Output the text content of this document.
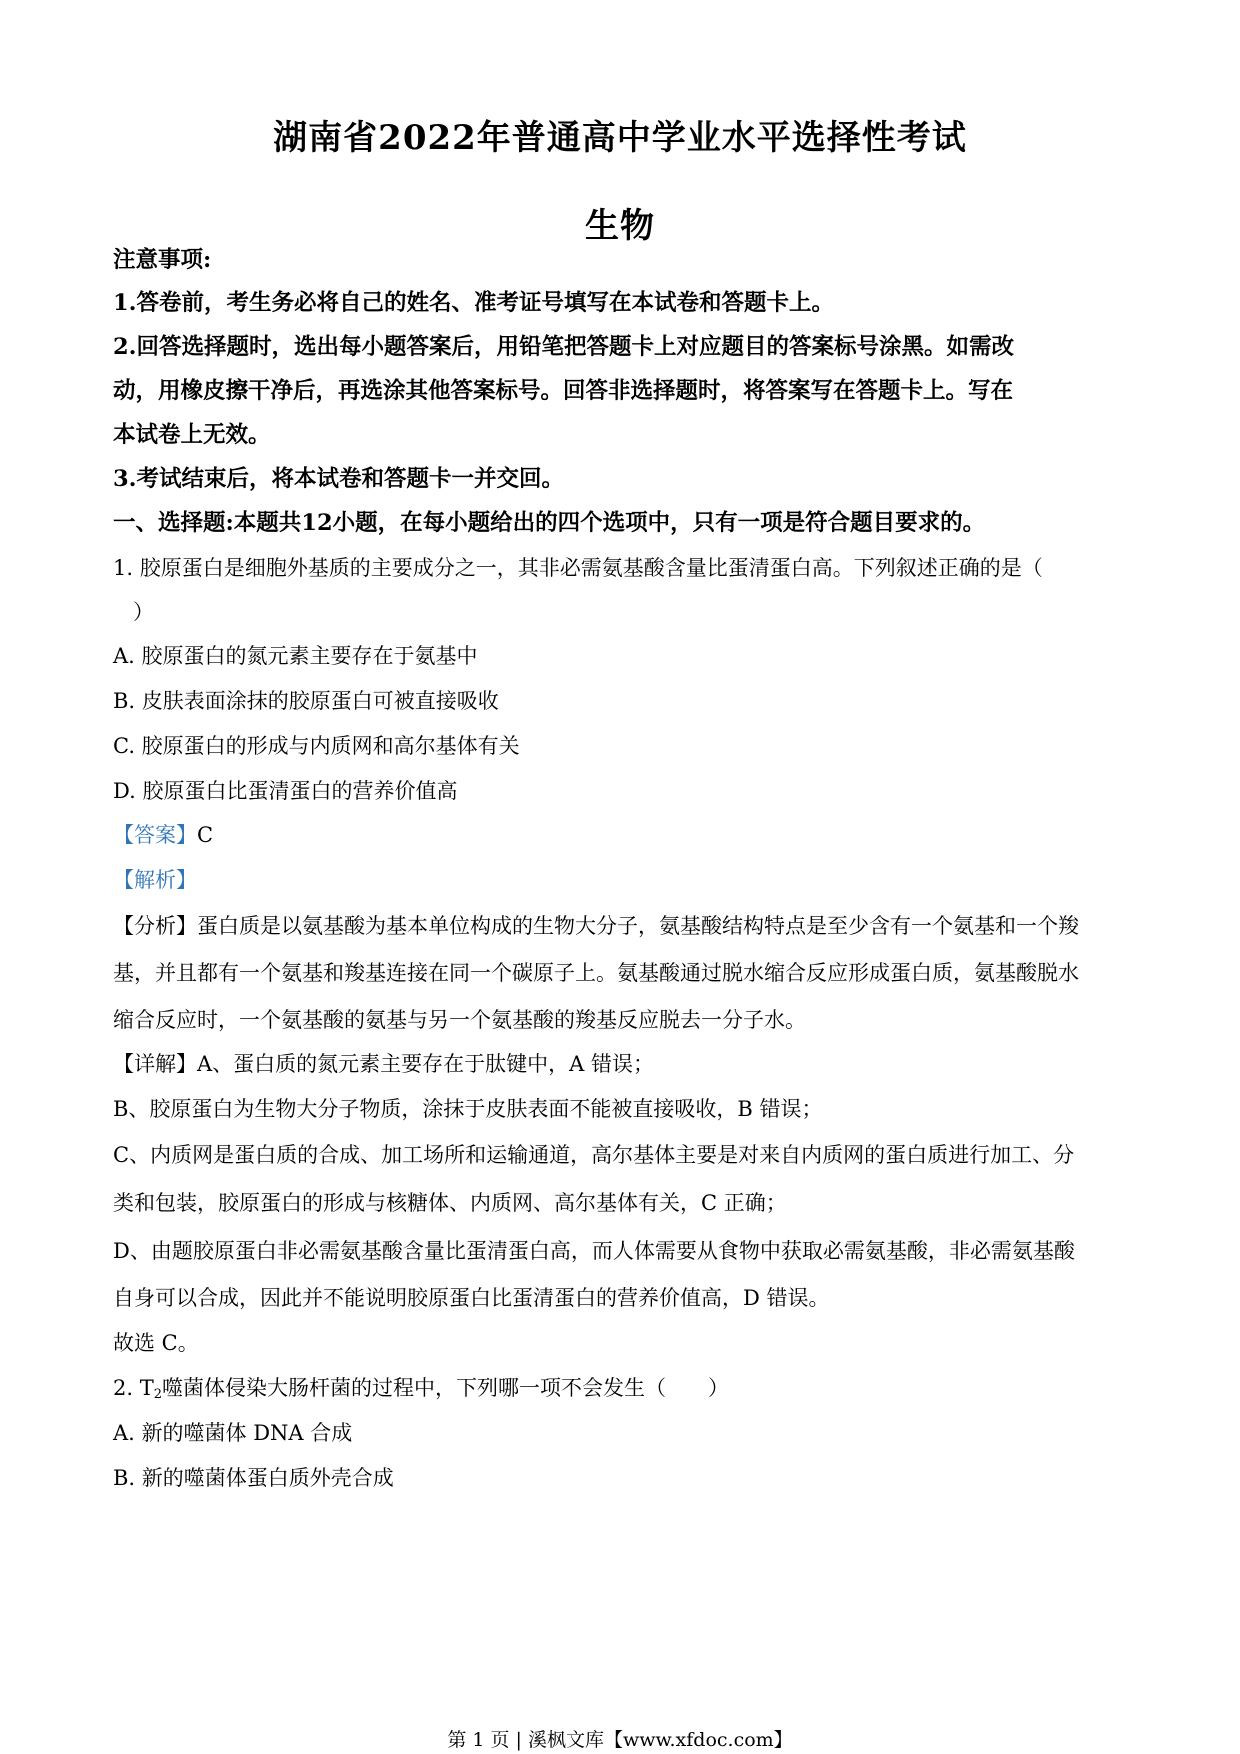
湖南省2022年普通高中学业水平选择性考试
生物
注意事项:
1.答卷前，考生务必将自己的姓名、准考证号填写在本试卷和答题卡上。
2.回答选择题时，选出每小题答案后，用铅笔把答题卡上对应题目的答案标号涂黑。如需改
动，用橡皮擦干净后，再选涂其他答案标号。回答非选择题时，将答案写在答题卡上。写在
本试卷上无效。
3.考试结束后，将本试卷和答题卡一并交回。
一、选择题:本题共12小题，在每小题给出的四个选项中，只有一项是符合题目要求的。
1. 胶原蛋白是细胞外基质的主要成分之一，其非必需氨基酸含量比蛋清蛋白高。下列叙述正确的是（
）
A. 胶原蛋白的氮元素主要存在于氨基中
B. 皮肤表面涂抹的胶原蛋白可被直接吸收
C. 胶原蛋白的形成与内质网和高尔基体有关
D. 胶原蛋白比蛋清蛋白的营养价值高
【答案】C
【解析】
【分析】蛋白质是以氨基酸为基本单位构成的生物大分子，氨基酸结构特点是至少含有一个氨基和一个羧
基，并且都有一个氨基和羧基连接在同一个碳原子上。氨基酸通过脱水缩合反应形成蛋白质，氨基酸脱水
缩合反应时，一个氨基酸的氨基与另一个氨基酸的羧基反应脱去一分子水。
【详解】A、蛋白质的氮元素主要存在于肽键中，A 错误；
B、胶原蛋白为生物大分子物质，涂抹于皮肤表面不能被直接吸收，B 错误；
C、内质网是蛋白质的合成、加工场所和运输通道，高尔基体主要是对来自内质网的蛋白质进行加工、分
类和包装，胶原蛋白的形成与核糖体、内质网、高尔基体有关，C 正确；
D、由题胶原蛋白非必需氨基酸含量比蛋清蛋白高，而人体需要从食物中获取必需氨基酸，非必需氨基酸
自身可以合成，因此并不能说明胶原蛋白比蛋清蛋白的营养价值高，D 错误。
故选 C。
2. $T_2$噬菌体侵染大肠杆菌的过程中，下列哪一项不会发生（　　）
A. 新的噬菌体 DNA 合成
B. 新的噬菌体蛋白质外壳合成
第 1 页 | 溪枫文库【www.xfdoc.com】
